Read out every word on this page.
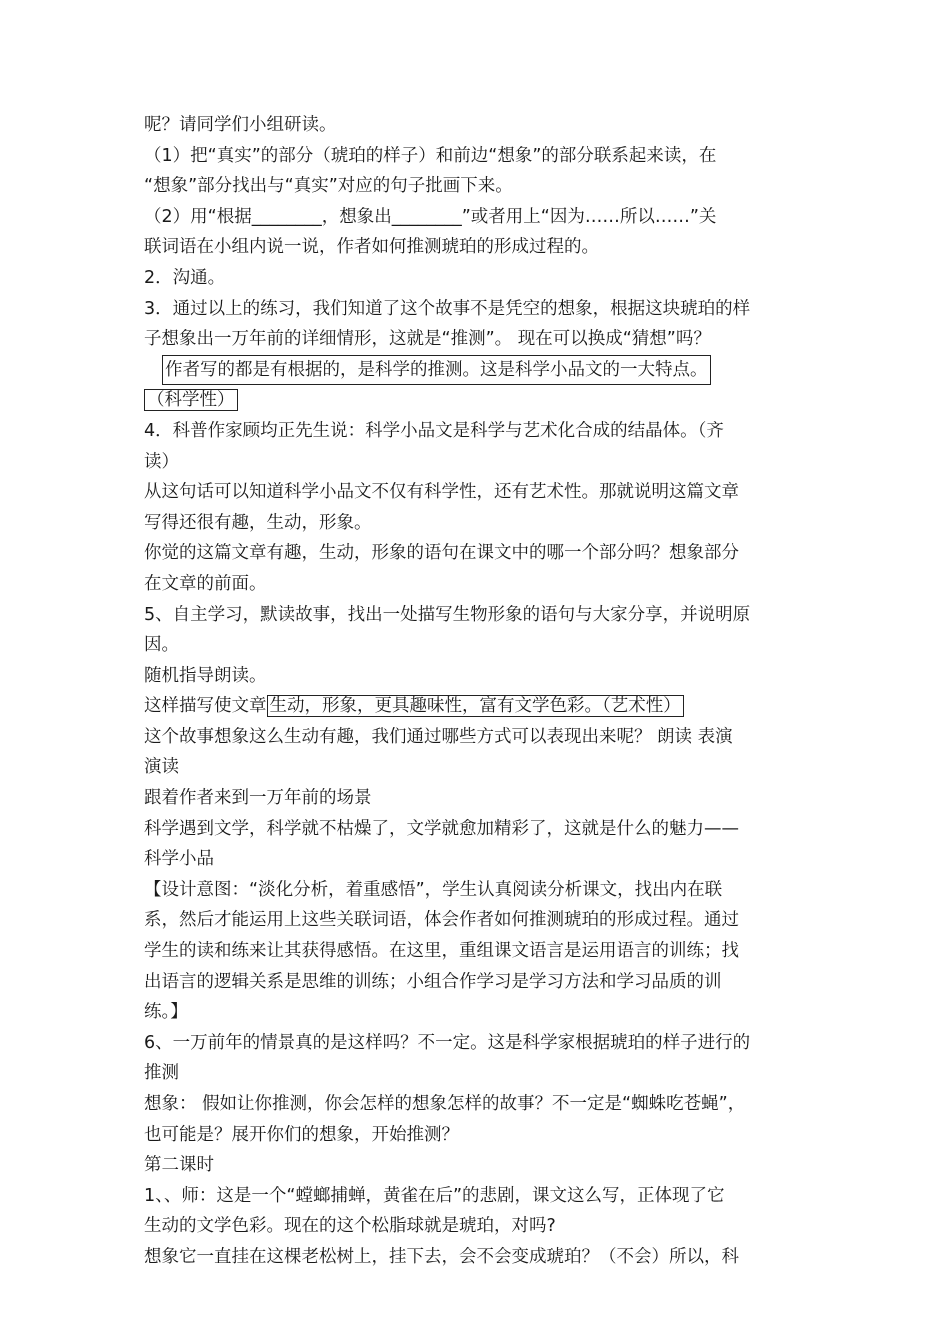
呢？请同学们小组研读。
（1）把“真实”的部分（琥珀的样子）和前边“想象”的部分联系起来读，在
“想象”部分找出与“真实”对应的句子批画下来。
（2）用“根据________，想象出________”或者用上“因为……所以……”关
联词语在小组内说一说，作者如何推测琥珀的形成过程的。
2．沟通。
3．通过以上的练习，我们知道了这个故事不是凭空的想象，根据这块琥珀的样
子想象出一万年前的详细情形，这就是“推测”。 现在可以换成“猜想”吗？
作者写的都是有根据的，是科学的推测。这是科学小品文的一大特点。
（科学性）
4．科普作家顾均正先生说：科学小品文是科学与艺术化合成的结晶体。（齐
读）
从这句话可以知道科学小品文不仅有科学性，还有艺术性。那就说明这篇文章
写得还很有趣，生动，形象。
你觉的这篇文章有趣，生动，形象的语句在课文中的哪一个部分吗？想象部分
在文章的前面。
5、自主学习，默读故事，找出一处描写生物形象的语句与大家分享，并说明原
因。
随机指导朗读。
这样描写使文章 生动，形象，更具趣味性，富有文学色彩。（艺术性）
这个故事想象这么生动有趣，我们通过哪些方式可以表现出来呢？ 朗读 表演
演读
跟着作者来到一万年前的场景
科学遇到文学，科学就不枯燥了，文学就愈加精彩了，这就是什么的魅力——
科学小品
【设计意图：“淡化分析，着重感悟”，学生认真阅读分析课文，找出内在联
系，然后才能运用上这些关联词语，体会作者如何推测琥珀的形成过程。通过
学生的读和练来让其获得感悟。在这里，重组课文语言是运用语言的训练；找
出语言的逻辑关系是思维的训练；小组合作学习是学习方法和学习品质的训
练。】
6、一万前年的情景真的是这样吗？不一定。这是科学家根据琥珀的样子进行的
推测
想象： 假如让你推测，你会怎样的想象怎样的故事？不一定是“蜘蛛吃苍蝇”，
也可能是？展开你们的想象，开始推测？
第二课时
1、、师：这是一个“螳螂捕蝉，黄雀在后”的悲剧，课文这么写，正体现了它
生动的文学色彩。现在的这个松脂球就是琥珀，对吗?
想象它一直挂在这棵老松树上，挂下去，会不会变成琥珀？（不会）所以，科
